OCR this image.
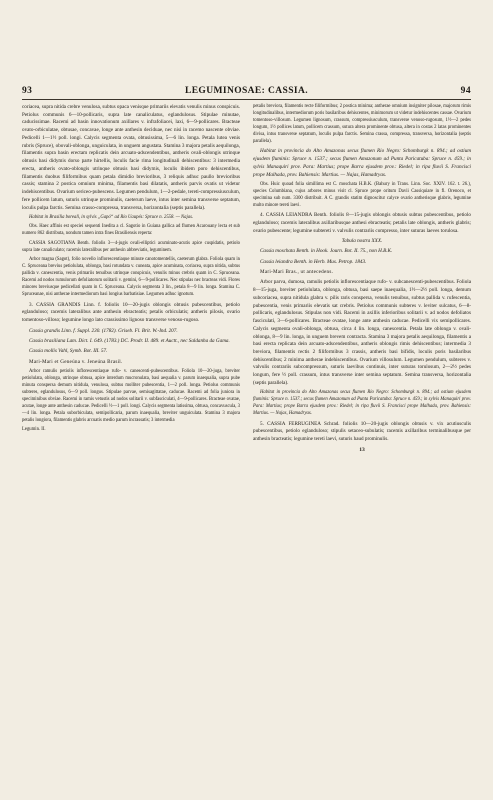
93	LEGUMINOSAE: CASSIA.	94

coriacea, supra nitida crebre venulosa, subtus opaca venisque primariis elevatis venulis minus conspicuis. Petiolus communis 6—10-pollicaris, supra late canaliculatus, eglandulosus. Stipulae minutae, caducissimae. Racemi ad basin innovationum axillares v. infrafoliacei, laxi, 6—9-pollicares. Bracteae ovato-orbiculatae, obtusae, concavae, longe ante anthesin deciduae, nec nisi in racemo nascente obviae. Pedicelli 1—1½ poll. longi. Calycis segmenta ovata, obtusissima, 5—6 lin. longa. Petala lutea venis rubris (Spruce), obovali-oblonga, unguiculata, in unguem angustata. Stamina 3 majora petalis aequilonga, filamentis supra basin erectam replicatis dein arcuato-adscendentibus, antheris ovali-oblongis utrinque obtusis basi didymis dorso parte hirtellis, loculis facie rima longitudinali dehiscentibus: 3 intermedia erecta, antheris ovato-oblongis utrinque obtusis basi didymis, loculis ibidem poro dehiscentibus, filamentis duobus filiformibus quam petala dimidio brevioribus, 3 reliquis adhuc paullo brevioribus cassis; stamina 2 postica omnium minima, filamentis basi dilatatis, antheris parvis ovatis ut videtur indehiscentibus. Ovarium sericeo-pubescens. Legumen pendulum, 1—2-pedale, tereti-compressiusculum, fere pollicem latum, suturis utrinque prominulis, caeterum laeve, intus inter semina transverse septatum, loculis pulpa farctis. Semina crasso-compressa, transversa, horizontalia (septis parallela).

Habitat in Brasilia boreali, in sylvis „Gapó“ ad Rio Uaupés: Spruce n. 2558. — Najas.

Obs. Haec affinis est speciei sequenti Inedita a cl. Sagotio in Guiana gallica ad flumen Acarouany lecta et sub numero 862 distributa, nondum tamen intra fines Brasiliensis reperta:

CASSIA SAGOTIANA Benth. foliolis 3—4-jugis ovali-elliptici acuminato-acutis apice cuspidatis, petiolo supra late canaliculato; racemis lateralibus per anthesin abbreviatis, leguminem.

Arbor magna (Sagot), folio novello inflorescentiaque minute canotomentellis, caeterum glabra. Foliola quam in C. Spruceana brevius petiolulata, oblonga, basi rotundata v. cuneata, apice acuminata, coriacea, supra nitida, subtus pallida v. canescentia, venis primariis tenuibus utrinque conspicuis, venulis minus crebris quam in C. Spruceana. Racemi ad nodos rumulorum defoliatorum solitarii v. gemini, 6—9-pollicares. Nec stipulas nec bracteas vidi. Flores minores breviusque pedicellati quam in C. Spruceana. Calycis segmenta 3 lin., petala 8—9 lin. longa. Stamina C. Spruceanae, nisi antherae intermediorum basi longius barbatisiae. Legumen adhuc ignotum.

3. CASSIA GRANDIS Linn. f. foliolis 10—20-jugis oblongis obtusis pubescentibus, petiolo eglanduloso; racemis lateralibus ante anthesin ebracteatis; petalis orbiculatis; antheris pilosis, ovario tomentoso-villoso; legumine longo lato crassissimo lignoso transverse venoso-rugoso.

Cassia grandis Linn. f. Suppl. 230. (1782). Griseb. Fl. Brit. W.-Ind. 207.

Cassia brasiliana Lam. Dict. I. 649. (1783.) DC. Prodr. II. 489. et Auctt., nec Saldanha da Gama.

Cassia mollis Vahl, Symb. Bot. III. 57.

Mari-Mari et Geneúna v. Jeneúna Brasil.

Arbor ramulis petiolis inflorescentiaque rufo- v. canescenti-pubescentibus. Foliola 10—20-juga, breviter petiolulata, oblonga, utrinque obtusa, apice interdum mucronulata, basi aequalia v. parum inaequalia, supra pube minuta conspersa demum nitidula, venulosa, subtus molliter pubescentia, 1—2 poll. longa. Petiolus communis subteres, eglandulosus, 6—9 poll. longus. Stipulae parvae, semisagittatae, caducae. Racemi ad folia juniora in speciminibus obviae. Racemi in ramis vetustis ad nodos solitarii v. subfasciculati, 4—9-pollicares. Bracteae ovatae, acutae, longe ante anthesin caducae. Pedicelli ½—1 poll. longi. Calycis segmenta latissima, obtusa, concavuscula, 3—4 lin. longa. Petala suborbiculata, semipollicaria, parum inaequalia, breviter unguiculata. Stamina 3 majora petalis longiora, filamentis glabris arcuatis medio parum incrassatis; 3 intermedia

Legumin. II.

petalis breviora, filamentis recte filiformibus; 2 postica minima; antherae omnium insigniter pilosae, majorum rimis longitudinalibus, intermediorum poris basilaribus dehiscentes, minimorum ut videtur indehiscentes cassae. Ovarium tomentoso-villosum. Legumen lignosum, crassum, compressiusculum, transverse venoso-rugosum, 1½—2 pedes longum, 1½ pollices latum, pollicem crassum, sutura altera prominente obtusa, altera in costas 2 latas prominentes divisa, intus transverse septatum, loculis pulpa farctis. Semina crassa, compressa, transversa, horizontalia (septis parallela).

Habitat in provincia do Alto Amazonas secus flumen Rio Negro: Schomburgk n. 894.; ad ostium ejusdem fluminis: Spruce n. 1537.; secus flumen Amazonum ad Punta Paricatuba: Spruce n. 459.; in sylvis Manaquiri prov. Para: Martius; prope Barra ejusdem prov.: Riedel; in ripa fluvii S. Francisci prope Malhada, prov. Bahiensis: Martius. — Najas, Hamadryas.

Obs. Huic quoad folia simillima est C. moschata H.B.K. (Bahury in Trans. Linn. Soc. XXIV. 162. t. 26.), species Columbiana, cujus arbores minus visit cl. Spruce prope oritum Davii Cassiquiare in fl. Orenoco, et specimina sub num. 3300 distribuit. A C. grandis statim dignoscitur calyce ovario antherisque glabris, legumine multo minore tereti laevi.

4. CASSIA LEIANDRA Benth. foliolis 8—15-jugis oblongis obtusis subtus pubescentibus, petiolo eglanduloso; racemis lateralibus axillaribusque anthesi ebracteatis; petalis late oblongis, antheris glabris; ovario pubescente; legumine subtereti v. valvulis contrariis compresso, inter suturas laeves torulosa.

Tabula nostra XXX.

Cassia moschata Benth. in Hook. Journ. Bot. II. 75., non H.B.K.

Cassia leiandra Benth. in Herb. Mus. Petrop. 1843.

Mari-Mari Bras., ut antecedens.

Arbor parva, dumosa, ramulis petiolis inflorescentiaque rufo- v. subcanescenti-pubescentibus. Foliola 8—15-juga, breviter petiolulata, oblonga, obtusa, basi saepe inaequalia, 1½—2½ poll. longa, demum subcoriacea, supra nitidula glabra v. pilis raris conspersa, venulis tenuibus, subtus pallida v. rufescentia, pubescentia, venis primariis elevatis sat crebris. Petiolus communis subteres v. leviter sulcatus, 6—8-pollicaris, eglandulosus. Stipulas non vidi. Racemi in axillis inferioribus solitarii v. ad nodos defoliatos fasciculati, 3—6-pollicares. Bracteae ovatae, longe ante anthesin caducae. Pedicelli vix semipollicares. Calycis segmenta ovali-oblonga, obtusa, circa 4 lin. longa, canescentia. Petala late oblonga v. ovali-oblonga, 8—9 lin. longa, in unguem brevem contracta. Stamina 3 majora petalis aequilonga, filamentis a basi erecta replicata dein arcuato-adscendentibus, antheris oblongis rimis dehiscentibus; intermedia 3 breviora, filamentis rectis 2 filiformibus 3 crassis, antheris basi bifidis, loculis poris basilaribus dehiscentibus; 2 minima antherae indehiscentibus. Ovarium villosulum. Legumen pendulum, subteres v. valvulis contrariis subcompressum, suturis laevibus continuis, inter suturas torulosum, 2—2½ pedes longum, fere ½ poll. crassum, intus transverse inter semina septatum. Semina transversa, horizontalia (septis parallela).

Habitat in provincia do Alto Amazonas secus flumen Rio Negro: Schomburgk n. 894.; ad ostium ejusdem fluminis: Spruce n. 1537.; secus flumen Amazonum ad Punta Paricatuba: Spruce n. 459.; in sylvis Manaquiri prov. Para: Martius; prope Barra ejusdem prov.: Riedel; in ripa fluvii S. Francisci prope Malhada, prov. Bahiensis: Martius. — Najas, Hamadryas.

5. CASSIA FERRUGINEA Schrad. foliolis 10—20-jugis oblongis obtusis v. vix acutiusculis pubescentibus, petiolo eglanduloso; stipulis setaceo-subulatis; racemis axillaribus terminalibusque per anthesin bracteatis; legumine tereti laevi, suturis haud prominulis.

13
